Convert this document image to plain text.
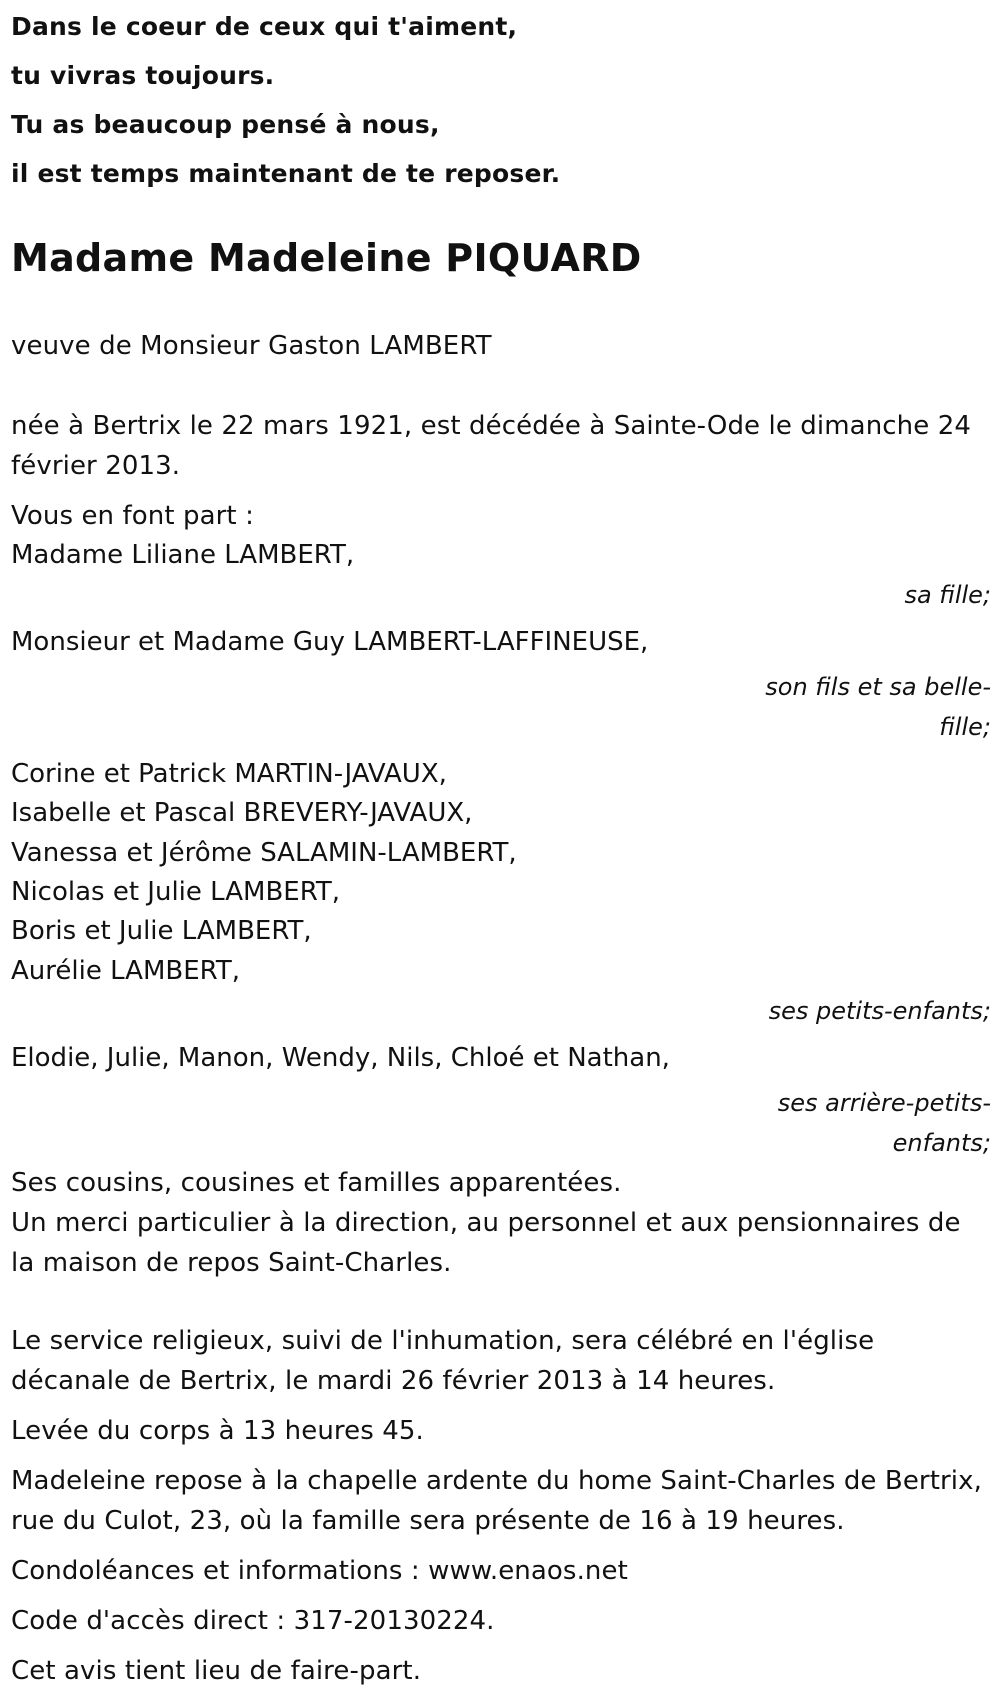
Dans le coeur de ceux qui t'aiment,

tu vivras toujours.

Tu as beaucoup pensé à nous,

il est temps maintenant de te reposer.

Madame Madeleine PIQUARD

veuve de Monsieur Gaston LAMBERT

née à Bertrix le 22 mars 1921, est décédée à Sainte-Ode le dimanche 24 février 2013.

Vous en font part :

Madame Liliane LAMBERT,

sa fille;

Monsieur et Madame Guy LAMBERT-LAFFINEUSE,

son fils et sa belle-fille;

Corine et Patrick MARTIN-JAVAUX,

Isabelle et Pascal BREVERY-JAVAUX,

Vanessa et Jérôme SALAMIN-LAMBERT,

Nicolas et Julie LAMBERT,

Boris et Julie LAMBERT,

Aurélie LAMBERT,

ses petits-enfants;

Elodie, Julie, Manon, Wendy, Nils, Chloé et Nathan,

ses arrière-petits-enfants;

Ses cousins, cousines et familles apparentées.

Un merci particulier à la direction, au personnel et aux pensionnaires de la maison de repos Saint-Charles.

Le service religieux, suivi de l'inhumation, sera célébré en l'église décanale de Bertrix, le mardi 26 février 2013 à 14 heures.

Levée du corps à 13 heures 45.

Madeleine repose à la chapelle ardente du home Saint-Charles de Bertrix, rue du Culot, 23, où la famille sera présente de 16 à 19 heures.

Condoléances et informations : www.enaos.net

Code d'accès direct : 317-20130224.

Cet avis tient lieu de faire-part.
